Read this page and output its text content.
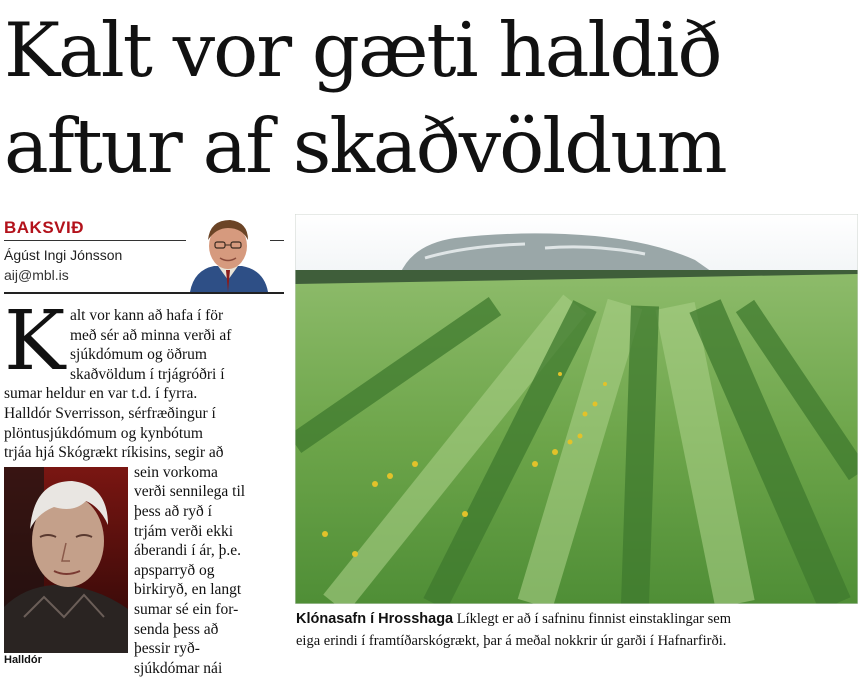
Kalt vor gæti haldið
aftur af skaðvöldum
BAKSVIÐ
Ágúst Ingi Jónsson
aij@mbl.is
K alt vor kann að hafa í för
með sér að minna verði af
sjúkdómum og öðrum
skaðvöldum í trjágróðri í
sumar heldur en var t.d. í fyrra.
Halldór Sverrisson, sérfræðingur í
plöntusjúkdómum og kynbótum
trjáa hjá Skógrækt ríkisins, segir að
sein vorkoma
verði sennilega til
þess að ryð í
trjám verði ekki
áberandi í ár, þ.e.
apsparryð og
birkiryð, en langt
sumar sé ein for-
senda þess að
þessir ryð-
sjúkdómar nái
Halldór
Klónasafn í Hrosshaga Líklegt er að í safninu finnist einstaklingar sem
eiga erindi í framtíðarskógrækt, þar á meðal nokkrir úr garði í Hafnarfirði.
